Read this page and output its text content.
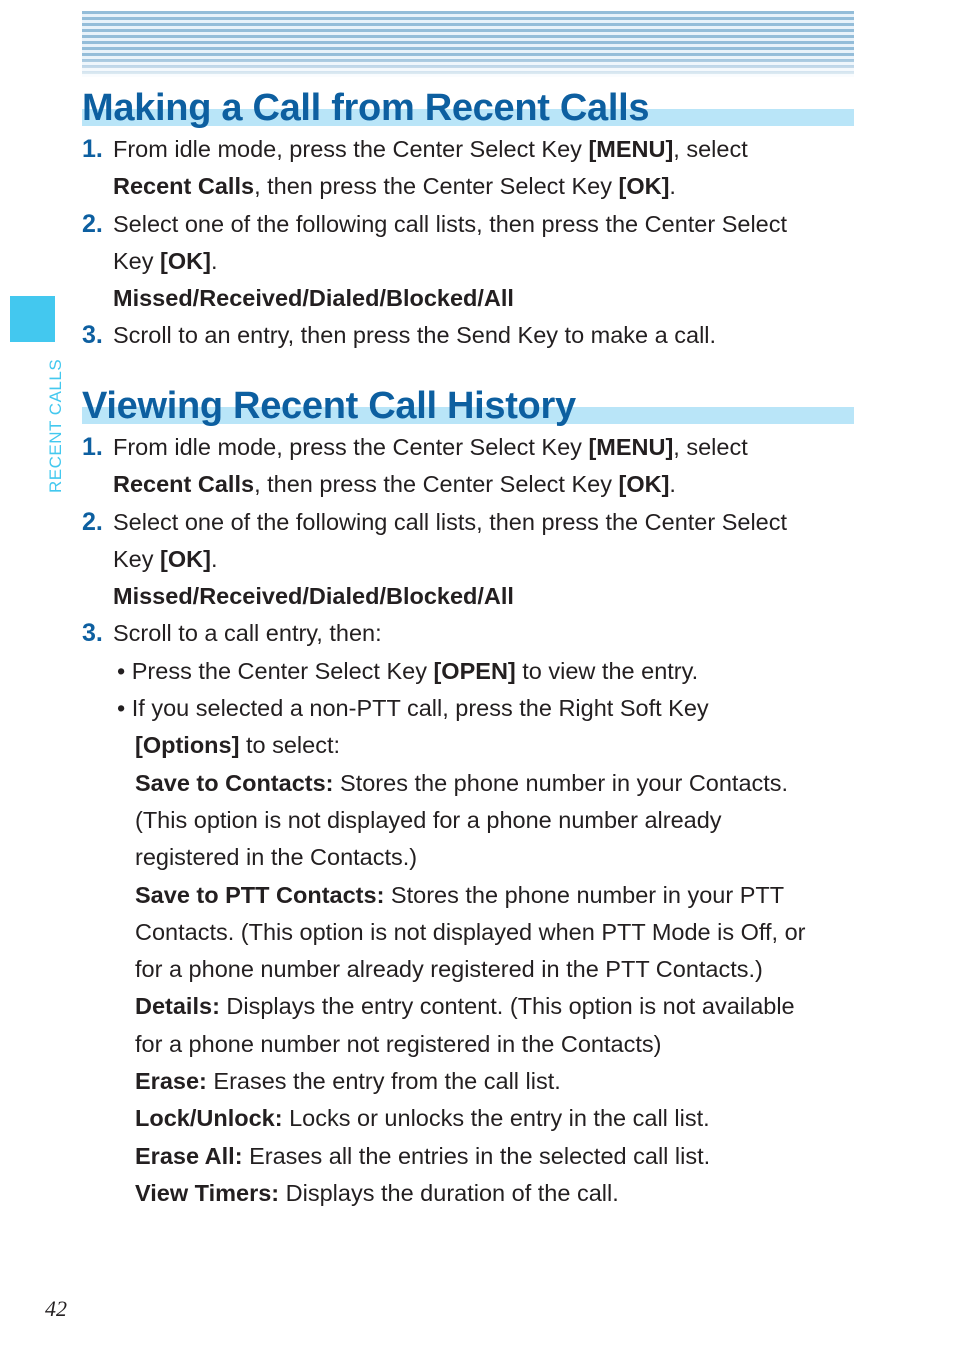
RECENT CALLS
Making a Call from Recent Calls
1. From idle mode, press the Center Select Key [MENU], select
Recent Calls, then press the Center Select Key [OK].
2. Select one of the following call lists, then press the Center Select
Key [OK].
Missed/Received/Dialed/Blocked/All
3. Scroll to an entry, then press the Send Key to make a call.
Viewing Recent Call History
1. From idle mode, press the Center Select Key [MENU], select
Recent Calls, then press the Center Select Key [OK].
2. Select one of the following call lists, then press the Center Select
Key [OK].
Missed/Received/Dialed/Blocked/All
3. Scroll to a call entry, then:
• Press the Center Select Key [OPEN] to view the entry.
• If you selected a non-PTT call, press the Right Soft Key
[Options] to select:
Save to Contacts: Stores the phone number in your Contacts.
(This option is not displayed for a phone number already
registered in the Contacts.)
Save to PTT Contacts: Stores the phone number in your PTT
Contacts. (This option is not displayed when PTT Mode is Off, or
for a phone number already registered in the PTT Contacts.)
Details: Displays the entry content. (This option is not available
for a phone number not registered in the Contacts)
Erase: Erases the entry from the call list.
Lock/Unlock: Locks or unlocks the entry in the call list.
Erase All: Erases all the entries in the selected call list.
View Timers: Displays the duration of the call.
42
